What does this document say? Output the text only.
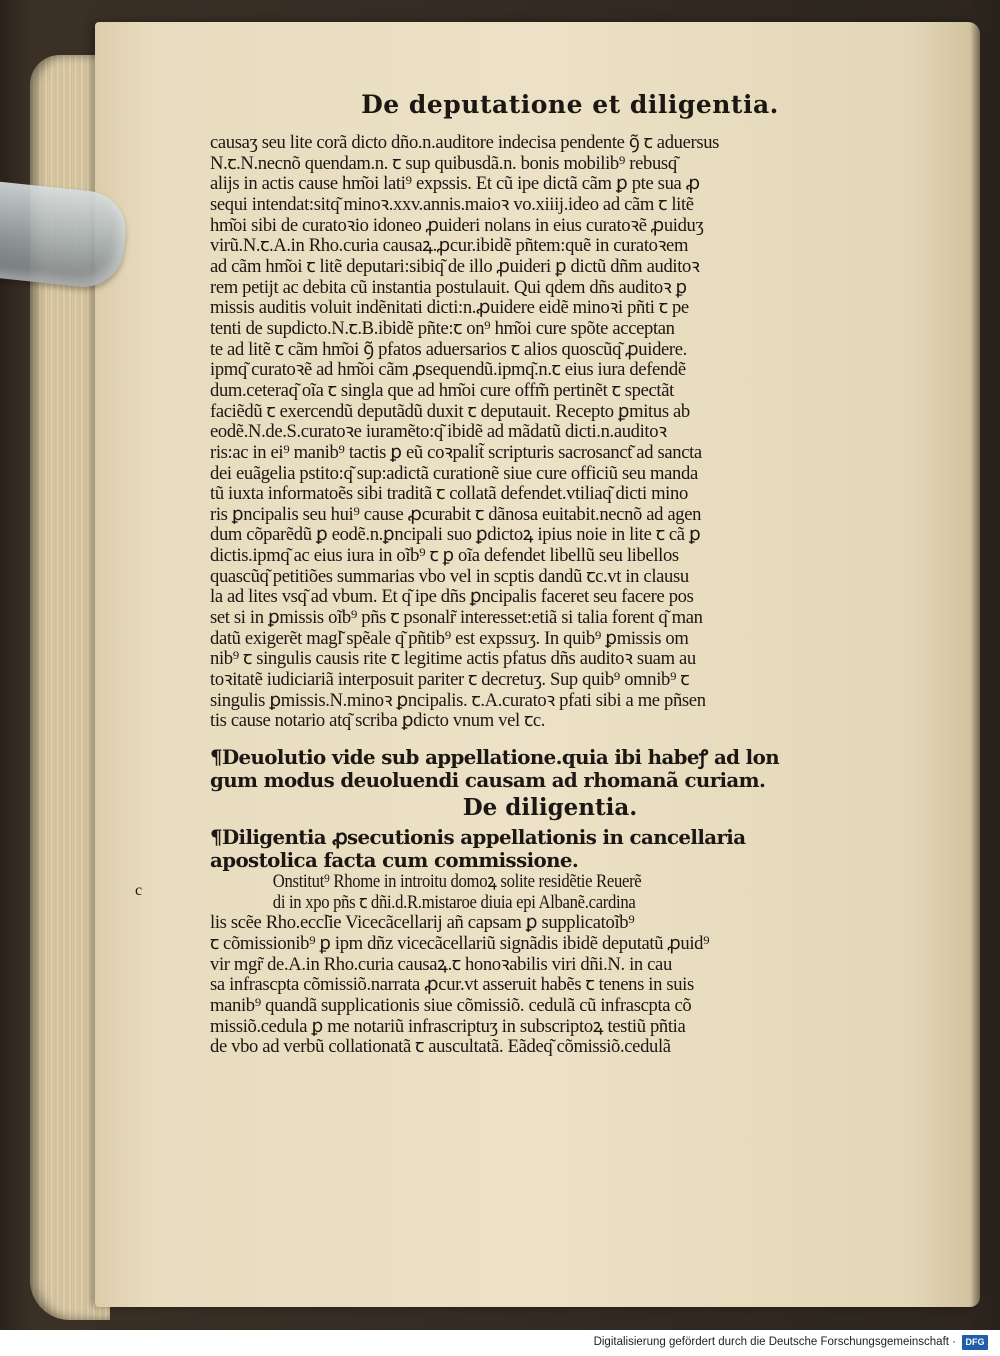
De deputatione et diligentia.
causaʒ seu lite corã dicto dño.n.auditore indecisa pendente ꝯ͂ ꞇ aduersus
N.ꞇ.N.necnõ quendam.n. ꞇ sup quibusdã.n. bonis mobilib⁹ rebusq͂
alijs in actis cause hm͂oi lati⁹ expssis. Et cũ ipe dictã cãm ꝑ pte sua ꝓ
sequi intendat:sitq͂ minoꝛ.xxv.annis.maioꝛ vo.xiiij.ideo ad cãm ꞇ litẽ
hm͂oi sibi de curatoꝛio idoneo ꝓuideri nolans in eius curatoꝛẽ ꝓuiduʒ
virũ.N.ꞇ.A.in Rho.curia causaꝝ.ꝓcur.ibidẽ pñtem:quẽ in curatoꝛem
ad cãm hm͂oi ꞇ litẽ deputari:sibiq͂ de illo ꝓuideri ꝑ dictũ dñm auditoꝛ
rem petijt ac debita cũ instantia postulauit. Qui qdem dñs auditoꝛ ꝑ
missis auditis voluit indẽnitati dicti:n.ꝓuidere eidẽ minoꝛi pñti ꞇ pe
tenti de supdicto.N.ꞇ.B.ibidẽ pñte:ꞇ on⁹ hm͂oi cure spõte acceptan
te ad litẽ ꞇ cãm hm͂oi ꝯ͂ pfatos aduersarios ꞇ alios quoscũq͂ ꝓuidere.
ipmq͂ curatoꝛẽ ad hm͂oi cãm ꝓsequendũ.ipmq͂.n.ꞇ eius iura defendẽ
dum.ceteraq͂ oĩa ꞇ singla que ad hm͂oi cure offm̃ pertinẽt ꞇ spectãt
faciẽdũ ꞇ exercendũ deputãdũ duxit ꞇ deputauit. Recepto ꝑmitus ab
eodẽ.N.de.S.curatoꝛe iuramẽto:q͂ ibidẽ ad mãdatũ dicti.n.auditoꝛ
ris:ac in ei⁹ manib⁹ tactis ꝑ eũ coꝛpalit̃ scripturis sacrosanct͂ ad sancta
dei euãgelia pstito:q͂ sup:adictã curationẽ siue cure officiũ seu manda
tũ iuxta informatoẽs sibi traditã ꞇ collatã defendet.vtiliaq͂ dicti mino
ris ꝑncipalis seu hui⁹ cause ꝓcurabit ꞇ dãnosa euitabit.necnõ ad agen
dum cõparẽdũ ꝑ eodẽ.n.ꝑncipali suo ꝑdictoꝝ ipius noie in lite ꞇ cã ꝑ
dictis.ipmq͂ ac eius iura in oĩb⁹ ꞇ ꝑ oĩa defendet libellũ seu libellos
quascũq͂ petitiões summarias vbo vel in scptis dandũ ꞇc.vt in clausu
la ad lites vsq͂ ad vbum. Et q͂ ipe dñs ꝑncipalis faceret seu facere pos
set si in ꝑmissis oĩb⁹ pñs ꞇ psonalr̃ interesset:etiã si talia forent q͂ man
datũ exigerẽt magl͂ spẽale q͂ pñtib⁹ est expssuʒ. In quib⁹ ꝑmissis om
nib⁹ ꞇ singulis causis rite ꞇ legitime actis pfatus dñs auditoꝛ suam au
toꝛitatẽ iudiciariã interposuit pariter ꞇ decretuʒ. Sup quib⁹ omnib⁹ ꞇ
singulis ꝑmissis.N.minoꝛ ꝑncipalis. ꞇ.A.curatoꝛ pfati sibi a me pñsen
tis cause notario atq͂ scriba ꝑdicto vnum vel ꞇc.
¶Deuolutio vide sub appellatione.quia ibi habeꝭ ad lon
gum modus deuoluendi causam ad rhomanã curiam.
De diligentia.
¶Diligentia ꝓsecutionis appellationis in cancellaria
apostolica facta cum commissione.
Onstitut⁹ Rhome in introitu domoꝝ solite residẽtie Reuerẽ
di in xpo pñs ꞇ dñi.d.R.mistaroe diuia epi Albanẽ.cardina
lis scẽe Rho.eccl͂ie Vicecãcellarij añ capsam ꝑ supplicatoĩb⁹
ꞇ cõmissionib⁹ ꝑ ipm dñz vicecãcellariũ signãdis ibidẽ deputatũ ꝓuid⁹
vir mgr̃ de.A.in Rho.curia causaꝝ.ꞇ honoꝛabilis viri dñi.N. in cau
sa infrascpta cõmissiõ.narrata ꝓcur.vt asseruit habẽs ꞇ tenens in suis
manib⁹ quandã supplicationis siue cõmissiõ. cedulã cũ infrascpta cõ
missiõ.cedula ꝑ me notariũ infrascriptuʒ in subscriptoꝝ testiũ pñtia
de vbo ad verbũ collationatã ꞇ auscultatã. Eãdeq͂ cõmissiõ.cedulã
c
Digitalisierung gefördert durch die Deutsche Forschungsgemeinschaft ·	DFG
